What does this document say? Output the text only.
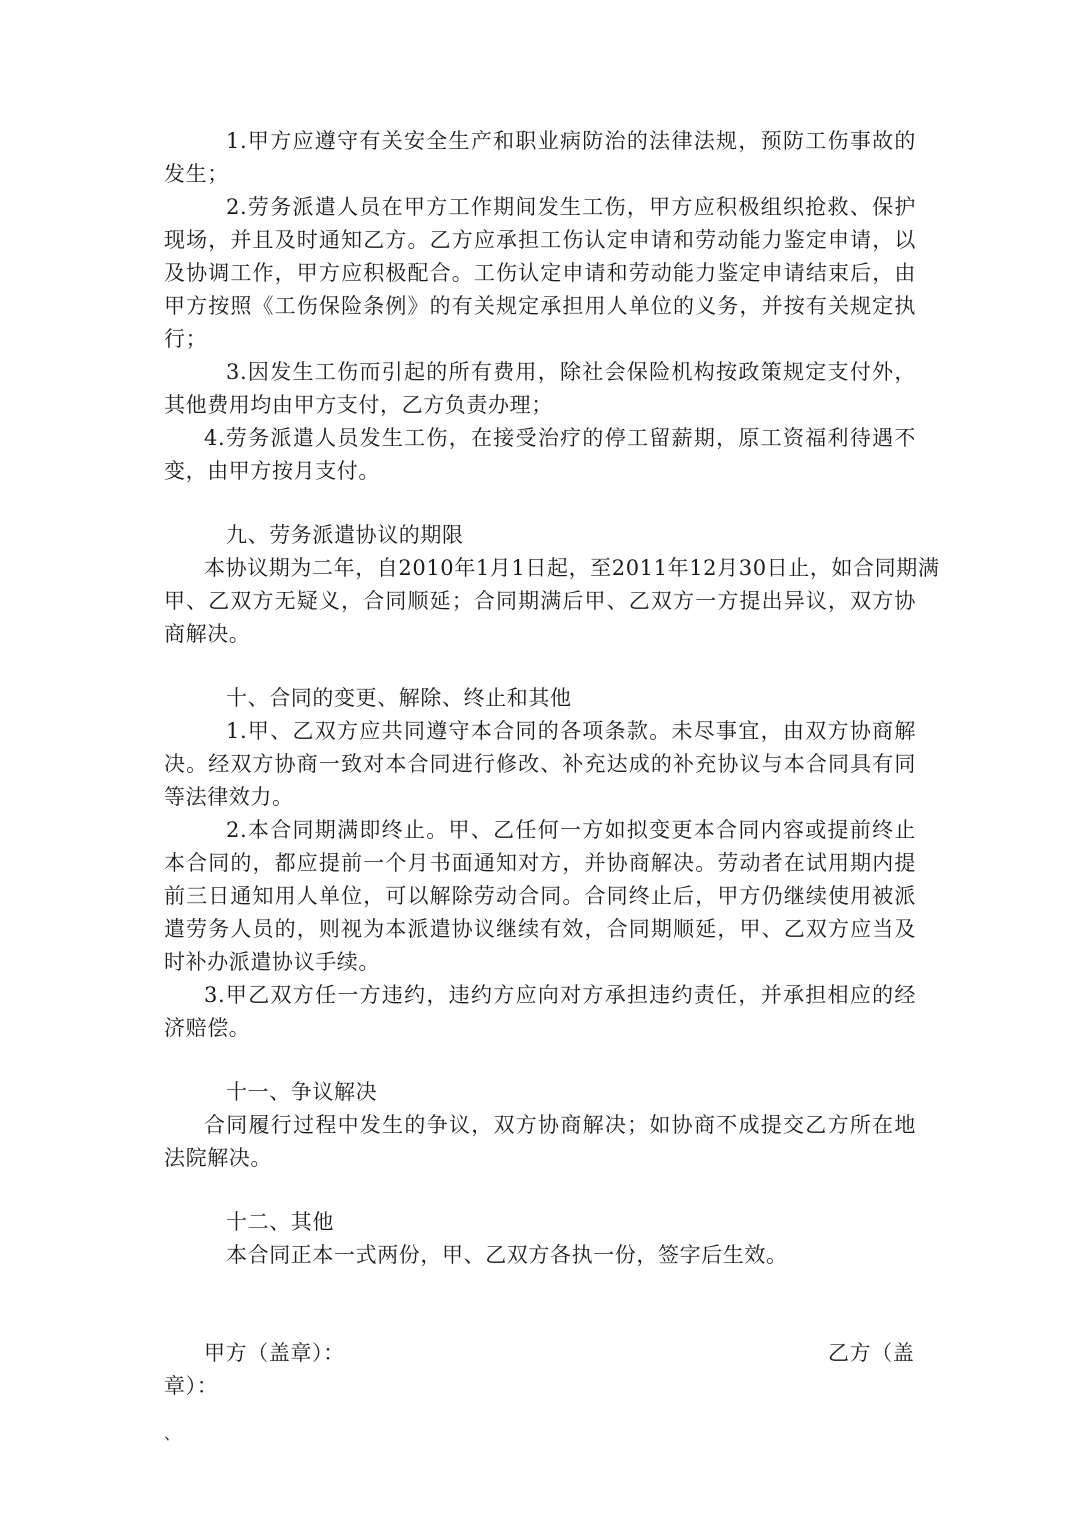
1.甲方应遵守有关安全生产和职业病防治的法律法规，预防工伤事故的
发生；
2.劳务派遣人员在甲方工作期间发生工伤，甲方应积极组织抢救、保护
现场，并且及时通知乙方。乙方应承担工伤认定申请和劳动能力鉴定申请，以
及协调工作，甲方应积极配合。工伤认定申请和劳动能力鉴定申请结束后，由
甲方按照《工伤保险条例》的有关规定承担用人单位的义务，并按有关规定执
行；
3.因发生工伤而引起的所有费用，除社会保险机构按政策规定支付外，
其他费用均由甲方支付，乙方负责办理；
4.劳务派遣人员发生工伤，在接受治疗的停工留薪期，原工资福利待遇不
变，由甲方按月支付。
九、劳务派遣协议的期限
本协议期为二年，自2010年1月1日起，至2011年12月30日止，如合同期满
甲、乙双方无疑义，合同顺延；合同期满后甲、乙双方一方提出异议，双方协
商解决。
十、合同的变更、解除、终止和其他
1.甲、乙双方应共同遵守本合同的各项条款。未尽事宜，由双方协商解
决。经双方协商一致对本合同进行修改、补充达成的补充协议与本合同具有同
等法律效力。
2.本合同期满即终止。甲、乙任何一方如拟变更本合同内容或提前终止
本合同的，都应提前一个月书面通知对方，并协商解决。劳动者在试用期内提
前三日通知用人单位，可以解除劳动合同。合同终止后，甲方仍继续使用被派
遣劳务人员的，则视为本派遣协议继续有效，合同期顺延，甲、乙双方应当及
时补办派遣协议手续。
3.甲乙双方任一方违约，违约方应向对方承担违约责任，并承担相应的经
济赔偿。
十一、争议解决
合同履行过程中发生的争议，双方协商解决；如协商不成提交乙方所在地
法院解决。
十二、其他
本合同正本一式两份，甲、乙双方各执一份，签字后生效。
甲方（盖章）：	乙方（盖
章）：
、
